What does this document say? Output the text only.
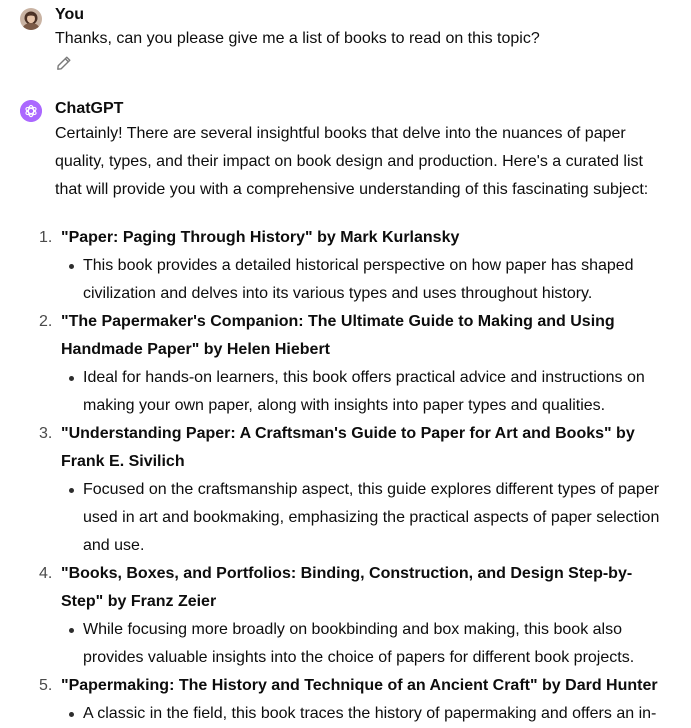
You

Thanks, can you please give me a list of books to read on this topic?

ChatGPT

Certainly! There are several insightful books that delve into the nuances of paper quality, types, and their impact on book design and production. Here's a curated list that will provide you with a comprehensive understanding of this fascinating subject:

1. "Paper: Paging Through History" by Mark Kurlansky
This book provides a detailed historical perspective on how paper has shaped civilization and delves into its various types and uses throughout history.
2. "The Papermaker's Companion: The Ultimate Guide to Making and Using Handmade Paper" by Helen Hiebert
Ideal for hands-on learners, this book offers practical advice and instructions on making your own paper, along with insights into paper types and qualities.
3. "Understanding Paper: A Craftsman's Guide to Paper for Art and Books" by Frank E. Sivilich
Focused on the craftsmanship aspect, this guide explores different types of paper used in art and bookmaking, emphasizing the practical aspects of paper selection and use.
4. "Books, Boxes, and Portfolios: Binding, Construction, and Design Step-by-Step" by Franz Zeier
While focusing more broadly on bookbinding and box making, this book also provides valuable insights into the choice of papers for different book projects.
5. "Papermaking: The History and Technique of an Ancient Craft" by Dard Hunter
A classic in the field, this book traces the history of papermaking and offers an in-
